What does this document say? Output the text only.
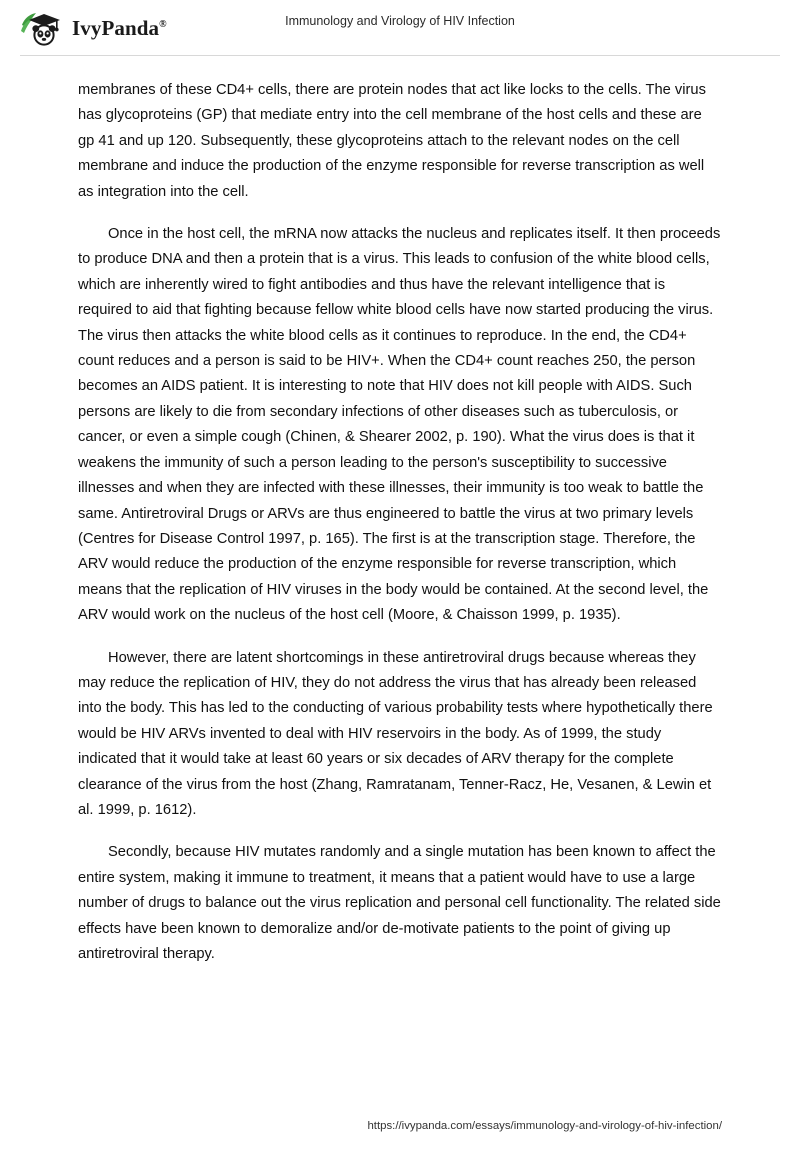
IvyPanda®	Immunology and Virology of HIV Infection

membranes of these CD4+ cells, there are protein nodes that act like locks to the cells. The virus has glycoproteins (GP) that mediate entry into the cell membrane of the host cells and these are gp 41 and up 120. Subsequently, these glycoproteins attach to the relevant nodes on the cell membrane and induce the production of the enzyme responsible for reverse transcription as well as integration into the cell.

Once in the host cell, the mRNA now attacks the nucleus and replicates itself. It then proceeds to produce DNA and then a protein that is a virus. This leads to confusion of the white blood cells, which are inherently wired to fight antibodies and thus have the relevant intelligence that is required to aid that fighting because fellow white blood cells have now started producing the virus. The virus then attacks the white blood cells as it continues to reproduce. In the end, the CD4+ count reduces and a person is said to be HIV+. When the CD4+ count reaches 250, the person becomes an AIDS patient. It is interesting to note that HIV does not kill people with AIDS. Such persons are likely to die from secondary infections of other diseases such as tuberculosis, or cancer, or even a simple cough (Chinen, & Shearer 2002, p. 190). What the virus does is that it weakens the immunity of such a person leading to the person's susceptibility to successive illnesses and when they are infected with these illnesses, their immunity is too weak to battle the same. Antiretroviral Drugs or ARVs are thus engineered to battle the virus at two primary levels (Centres for Disease Control 1997, p. 165). The first is at the transcription stage. Therefore, the ARV would reduce the production of the enzyme responsible for reverse transcription, which means that the replication of HIV viruses in the body would be contained. At the second level, the ARV would work on the nucleus of the host cell (Moore, & Chaisson 1999, p. 1935).

However, there are latent shortcomings in these antiretroviral drugs because whereas they may reduce the replication of HIV, they do not address the virus that has already been released into the body. This has led to the conducting of various probability tests where hypothetically there would be HIV ARVs invented to deal with HIV reservoirs in the body. As of 1999, the study indicated that it would take at least 60 years or six decades of ARV therapy for the complete clearance of the virus from the host (Zhang, Ramratanam, Tenner-Racz, He, Vesanen, & Lewin et al. 1999, p. 1612).

Secondly, because HIV mutates randomly and a single mutation has been known to affect the entire system, making it immune to treatment, it means that a patient would have to use a large number of drugs to balance out the virus replication and personal cell functionality. The related side effects have been known to demoralize and/or de-motivate patients to the point of giving up antiretroviral therapy.

https://ivypanda.com/essays/immunology-and-virology-of-hiv-infection/
